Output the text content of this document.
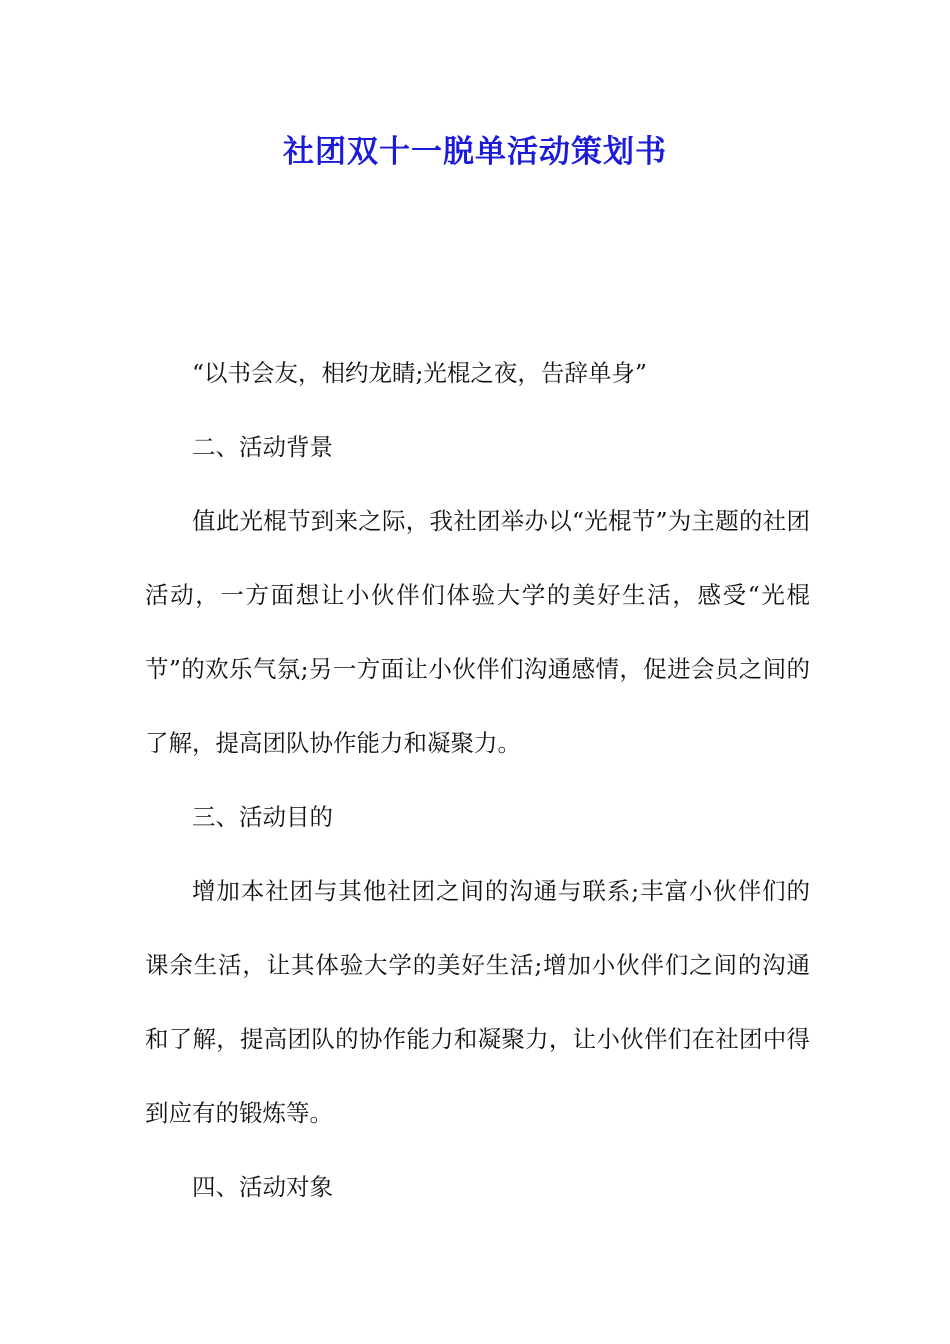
社团双十一脱单活动策划书

“以书会友，相约龙睛;光棍之夜，告辞单身”

二、活动背景

值此光棍节到来之际，我社团举办以“光棍节”为主题的社团活动，一方面想让小伙伴们体验大学的美好生活，感受“光棍节”的欢乐气氛;另一方面让小伙伴们沟通感情，促进会员之间的了解，提高团队协作能力和凝聚力。

三、活动目的

增加本社团与其他社团之间的沟通与联系;丰富小伙伴们的课余生活，让其体验大学的美好生活;增加小伙伴们之间的沟通和了解，提高团队的协作能力和凝聚力，让小伙伴们在社团中得到应有的锻炼等。

四、活动对象
